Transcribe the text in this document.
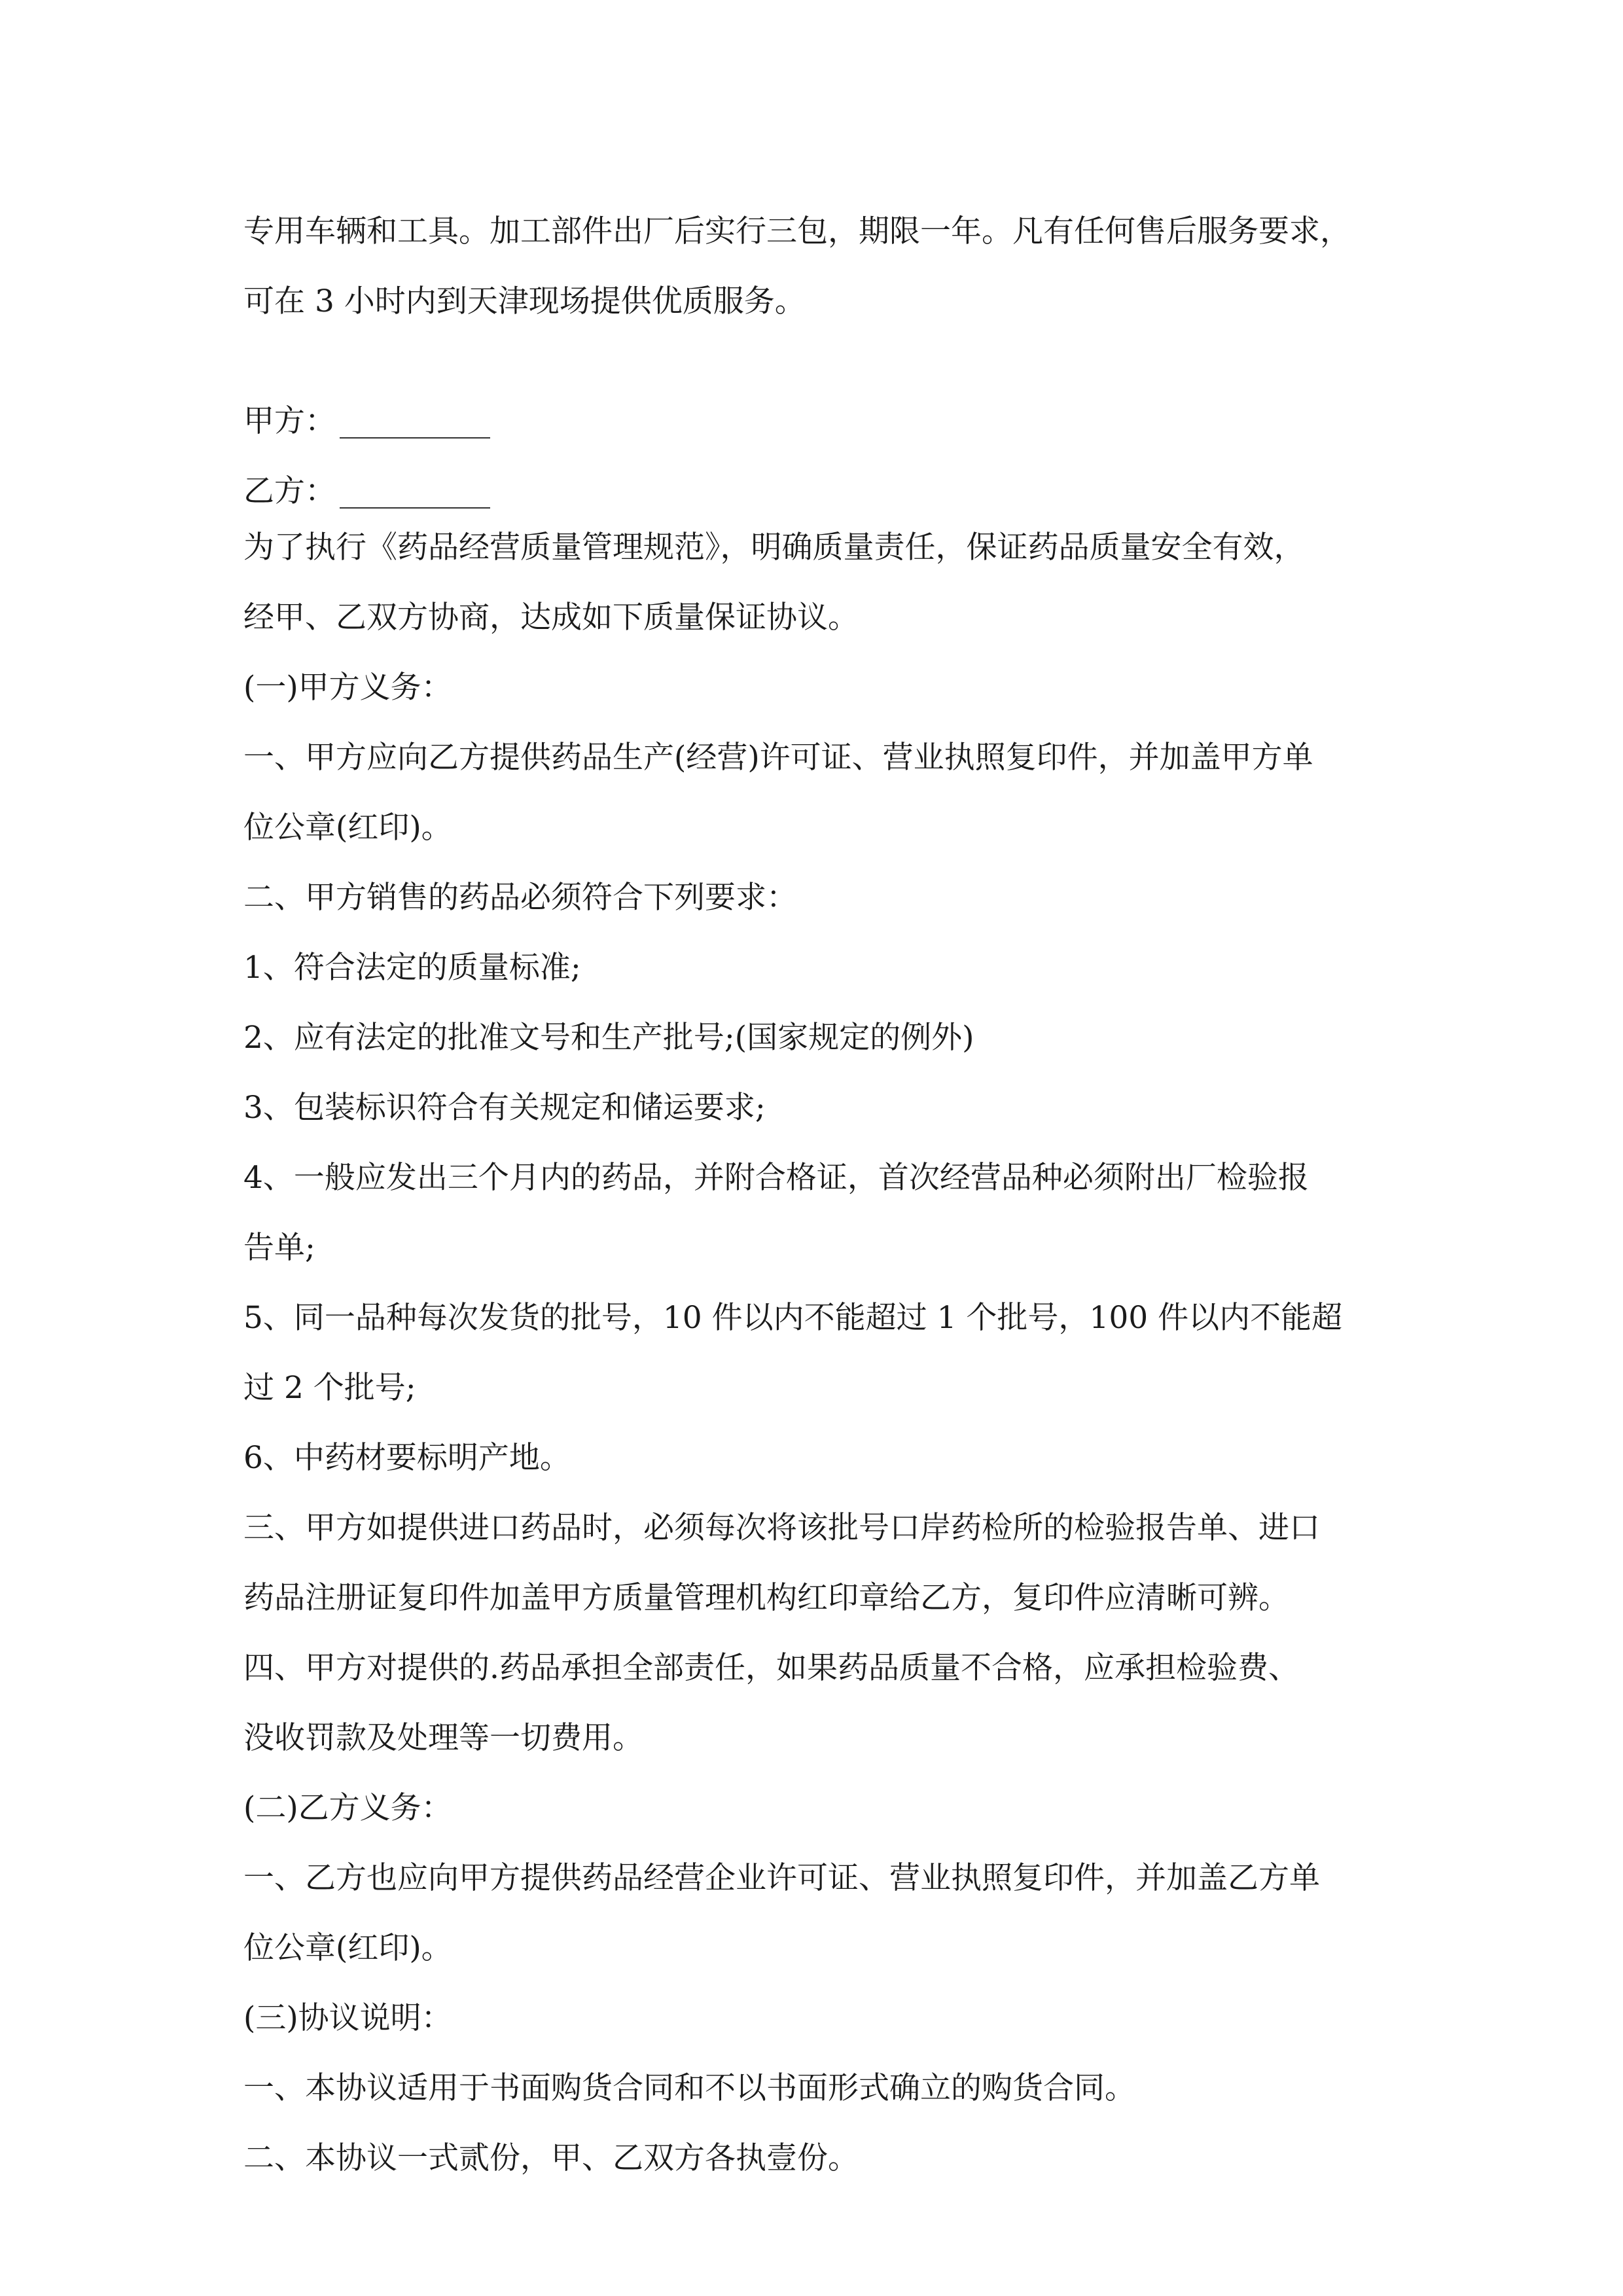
专用车辆和工具。加工部件出厂后实行三包，期限一年。凡有任何售后服务要求，
可在 3 小时内到天津现场提供优质服务。
甲方：
乙方：
为了执行《药品经营质量管理规范》，明确质量责任，保证药品质量安全有效，
经甲、乙双方协商，达成如下质量保证协议。
(一)甲方义务：
一、甲方应向乙方提供药品生产(经营)许可证、营业执照复印件，并加盖甲方单
位公章(红印)。
二、甲方销售的药品必须符合下列要求：
1、符合法定的质量标准;
2、应有法定的批准文号和生产批号;(国家规定的例外)
3、包装标识符合有关规定和储运要求;
4、一般应发出三个月内的药品，并附合格证，首次经营品种必须附出厂检验报
告单;
5、同一品种每次发货的批号，10 件以内不能超过 1 个批号，100 件以内不能超
过 2 个批号;
6、中药材要标明产地。
三、甲方如提供进口药品时，必须每次将该批号口岸药检所的检验报告单、进口
药品注册证复印件加盖甲方质量管理机构红印章给乙方，复印件应清晰可辨。
四、甲方对提供的.药品承担全部责任，如果药品质量不合格，应承担检验费、
没收罚款及处理等一切费用。
(二)乙方义务：
一、乙方也应向甲方提供药品经营企业许可证、营业执照复印件，并加盖乙方单
位公章(红印)。
(三)协议说明：
一、本协议适用于书面购货合同和不以书面形式确立的购货合同。
二、本协议一式贰份，甲、乙双方各执壹份。
